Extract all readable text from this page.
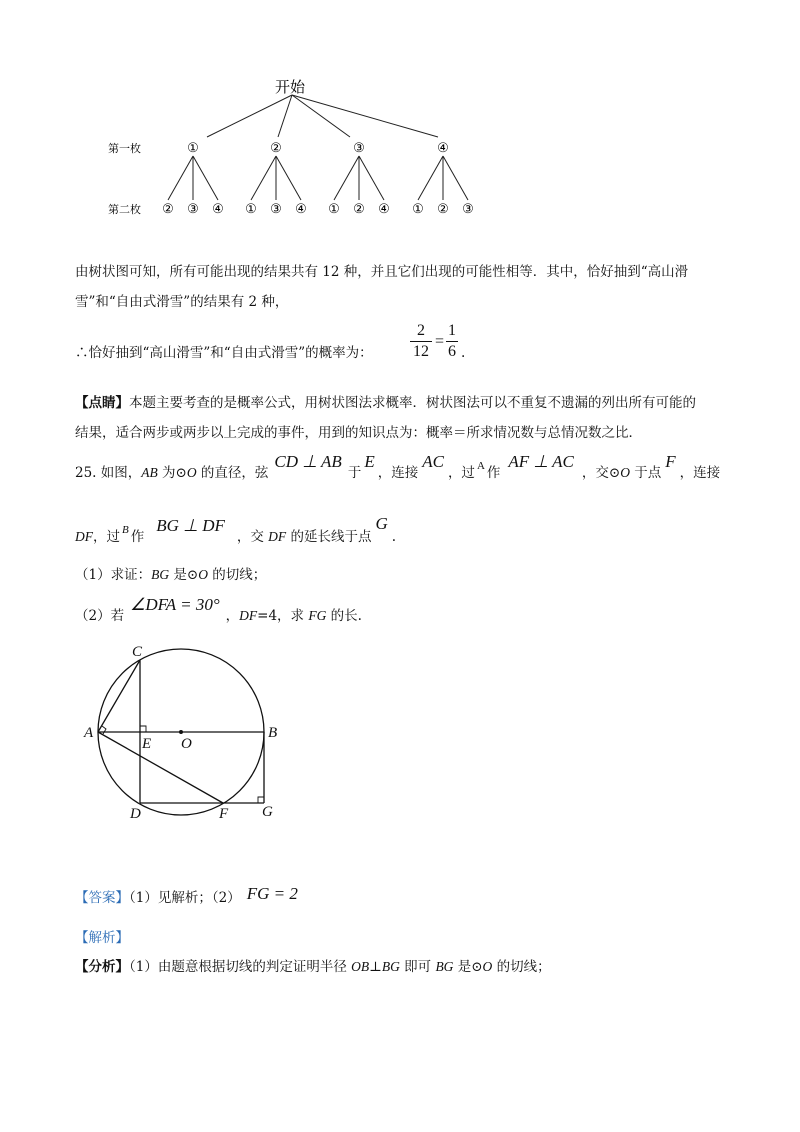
开始
第一枚
第二枚
①	②	③	④
② ③ ④ ① ③ ④ ① ② ④ ① ② ③
由树状图可知，所有可能出现的结果共有 12 种，并且它们出现的可能性相等．其中，恰好抽到“高山滑
雪”和“自由式滑雪”的结果有 2 种，
∴恰好抽到“高山滑雪”和“自由式滑雪”的概率为：
2
12
=
1
6 .
【点睛】本题主要考查的是概率公式，用树状图法求概率．树状图法可以不重复不遗漏的列出所有可能的
结果，适合两步或两步以上完成的事件，用到的知识点为：概率＝所求情况数与总情况数之比．
25. 如图，AB 为⊙O 的直径，弦CD ⊥ AB于E，连接AC，过 $^A$ 作AF ⊥ AC，交⊙O 于点F，连接
DF，过 $^B$ 作BG ⊥ DF，交 DF 的延长线于点G.
（1）求证：BG 是⊙O 的切线；
（2）若∠DFA = 30°，DF=4，求 FG 的长.
C
A
E O
B
D	F G
【答案】（1）见解析；（2） FG = 2
【解析】
【分析】（1）由题意根据切线的判定证明半径 OB⊥BG 即可 BG 是⊙O 的切线；
